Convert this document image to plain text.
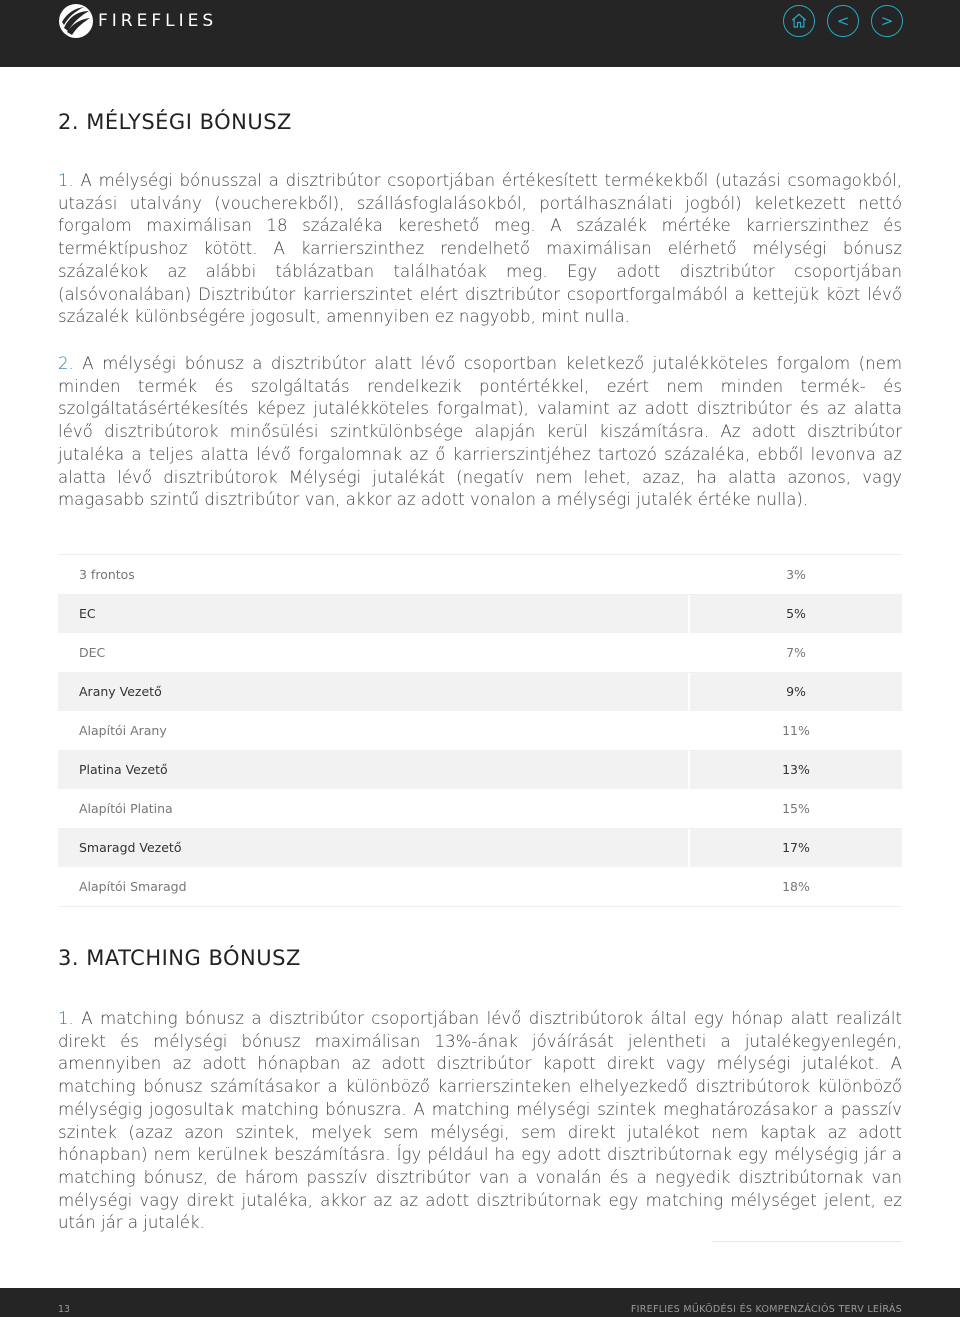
FIREFLIES	<	>
2. MÉLYSÉGI BÓNUSZ

1. A mélységi bónusszal a disztribútor csoportjában értékesített termékekből (utazási csomagokból, utazási utalvány (voucherekből), szállásfoglalásokból, portálhasználati jogból) keletkezett nettó forgalom maximálisan 18 százaléka kereshető meg. A százalék mértéke karrierszinthez és terméktípushoz kötött. A karrierszinthez rendelhető maximálisan elérhető mélységi bónusz százalékok az alábbi táblázatban találhatóak meg. Egy adott disztribútor csoportjában (alsóvonalában) Disztribútor karrierszintet elért disztribútor csoportforgalmából a kettejük közt lévő százalék különbségére jogosult, amennyiben ez nagyobb, mint nulla.

2. A mélységi bónusz a disztribútor alatt lévő csoportban keletkező jutalékköteles forgalom (nem minden termék és szolgáltatás rendelkezik pontértékkel, ezért nem minden termék- és szolgáltatásértékesítés képez jutalékköteles forgalmat), valamint az adott disztribútor és az alatta lévő disztribútorok minősülési szintkülönbsége alapján kerül kiszámításra. Az adott disztribútor jutaléka a teljes alatta lévő forgalomnak az ő karrierszintjéhez tartozó százaléka, ebből levonva az alatta lévő disztribútorok Mélységi jutalékát (negatív nem lehet, azaz, ha alatta azonos, vagy magasabb szintű disztribútor van, akkor az adott vonalon a mélységi jutalék értéke nulla).

3 frontos	3%
EC	5%
DEC	7%
Arany Vezető	9%
Alapítói Arany	11%
Platina Vezető	13%
Alapítói Platina	15%
Smaragd Vezető	17%
Alapítói Smaragd	18%
3. MATCHING BÓNUSZ

1. A matching bónusz a disztribútor csoportjában lévő disztribútorok által egy hónap alatt realizált direkt és mélységi bónusz maximálisan 13%-ának jóváírását jelentheti a jutalékegyenlegén, amennyiben az adott hónapban az adott disztribútor kapott direkt vagy mélységi jutalékot. A matching bónusz számításakor a különböző karrierszinteken elhelyezkedő disztribútorok különböző mélységig jogosultak matching bónuszra. A matching mélységi szintek meghatározásakor a passzív szintek (azaz azon szintek, melyek sem mélységi, sem direkt jutalékot nem kaptak az adott hónapban) nem kerülnek beszámításra. Így például ha egy adott disztribútornak egy mélységig jár a matching bónusz, de három passzív disztribútor van a vonalán és a negyedik disztribútornak van mélységi vagy direkt jutaléka, akkor az az adott disztribútornak egy matching mélységet jelent, ez után jár a jutalék.

13	FIREFLIES MŰKÖDÉSI ÉS KOMPENZÁCIÓS TERV LEÍRÁS
